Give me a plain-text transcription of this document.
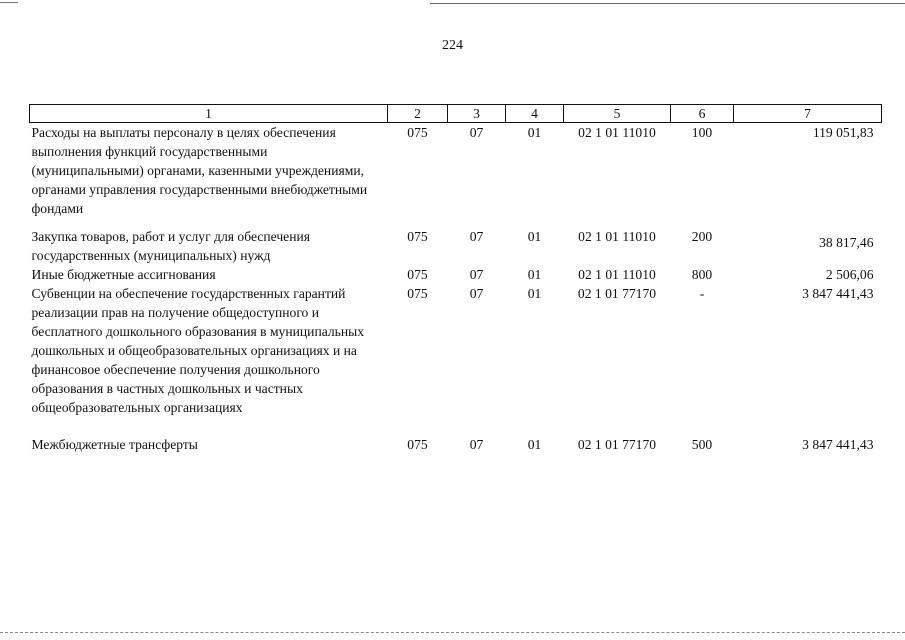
224
1	2	3	4	5	6	7
Расходы на выплаты персоналу в целях обеспечения выполнения функций государственными (муниципальными) органами, казенными учреждениями, органами управления государственными внебюджетными фондами	075	07	01	02 1 01 11010	100	119 051,83
Закупка товаров, работ и услуг для обеспечения государственных (муниципальных) нужд	075	07	01	02 1 01 11010	200	38 817,46
Иные бюджетные ассигнования	075	07	01	02 1 01 11010	800	2 506,06
Субвенции на обеспечение государственных гарантий реализации прав на получение общедоступного и бесплатного дошкольного образования в муниципальных дошкольных и общеобразовательных организациях и на финансовое обеспечение получения дошкольного образования в частных дошкольных и частных общеобразовательных организациях	075	07	01	02 1 01 77170	-	3 847 441,43
Межбюджетные трансферты	075	07	01	02 1 01 77170	500	3 847 441,43
